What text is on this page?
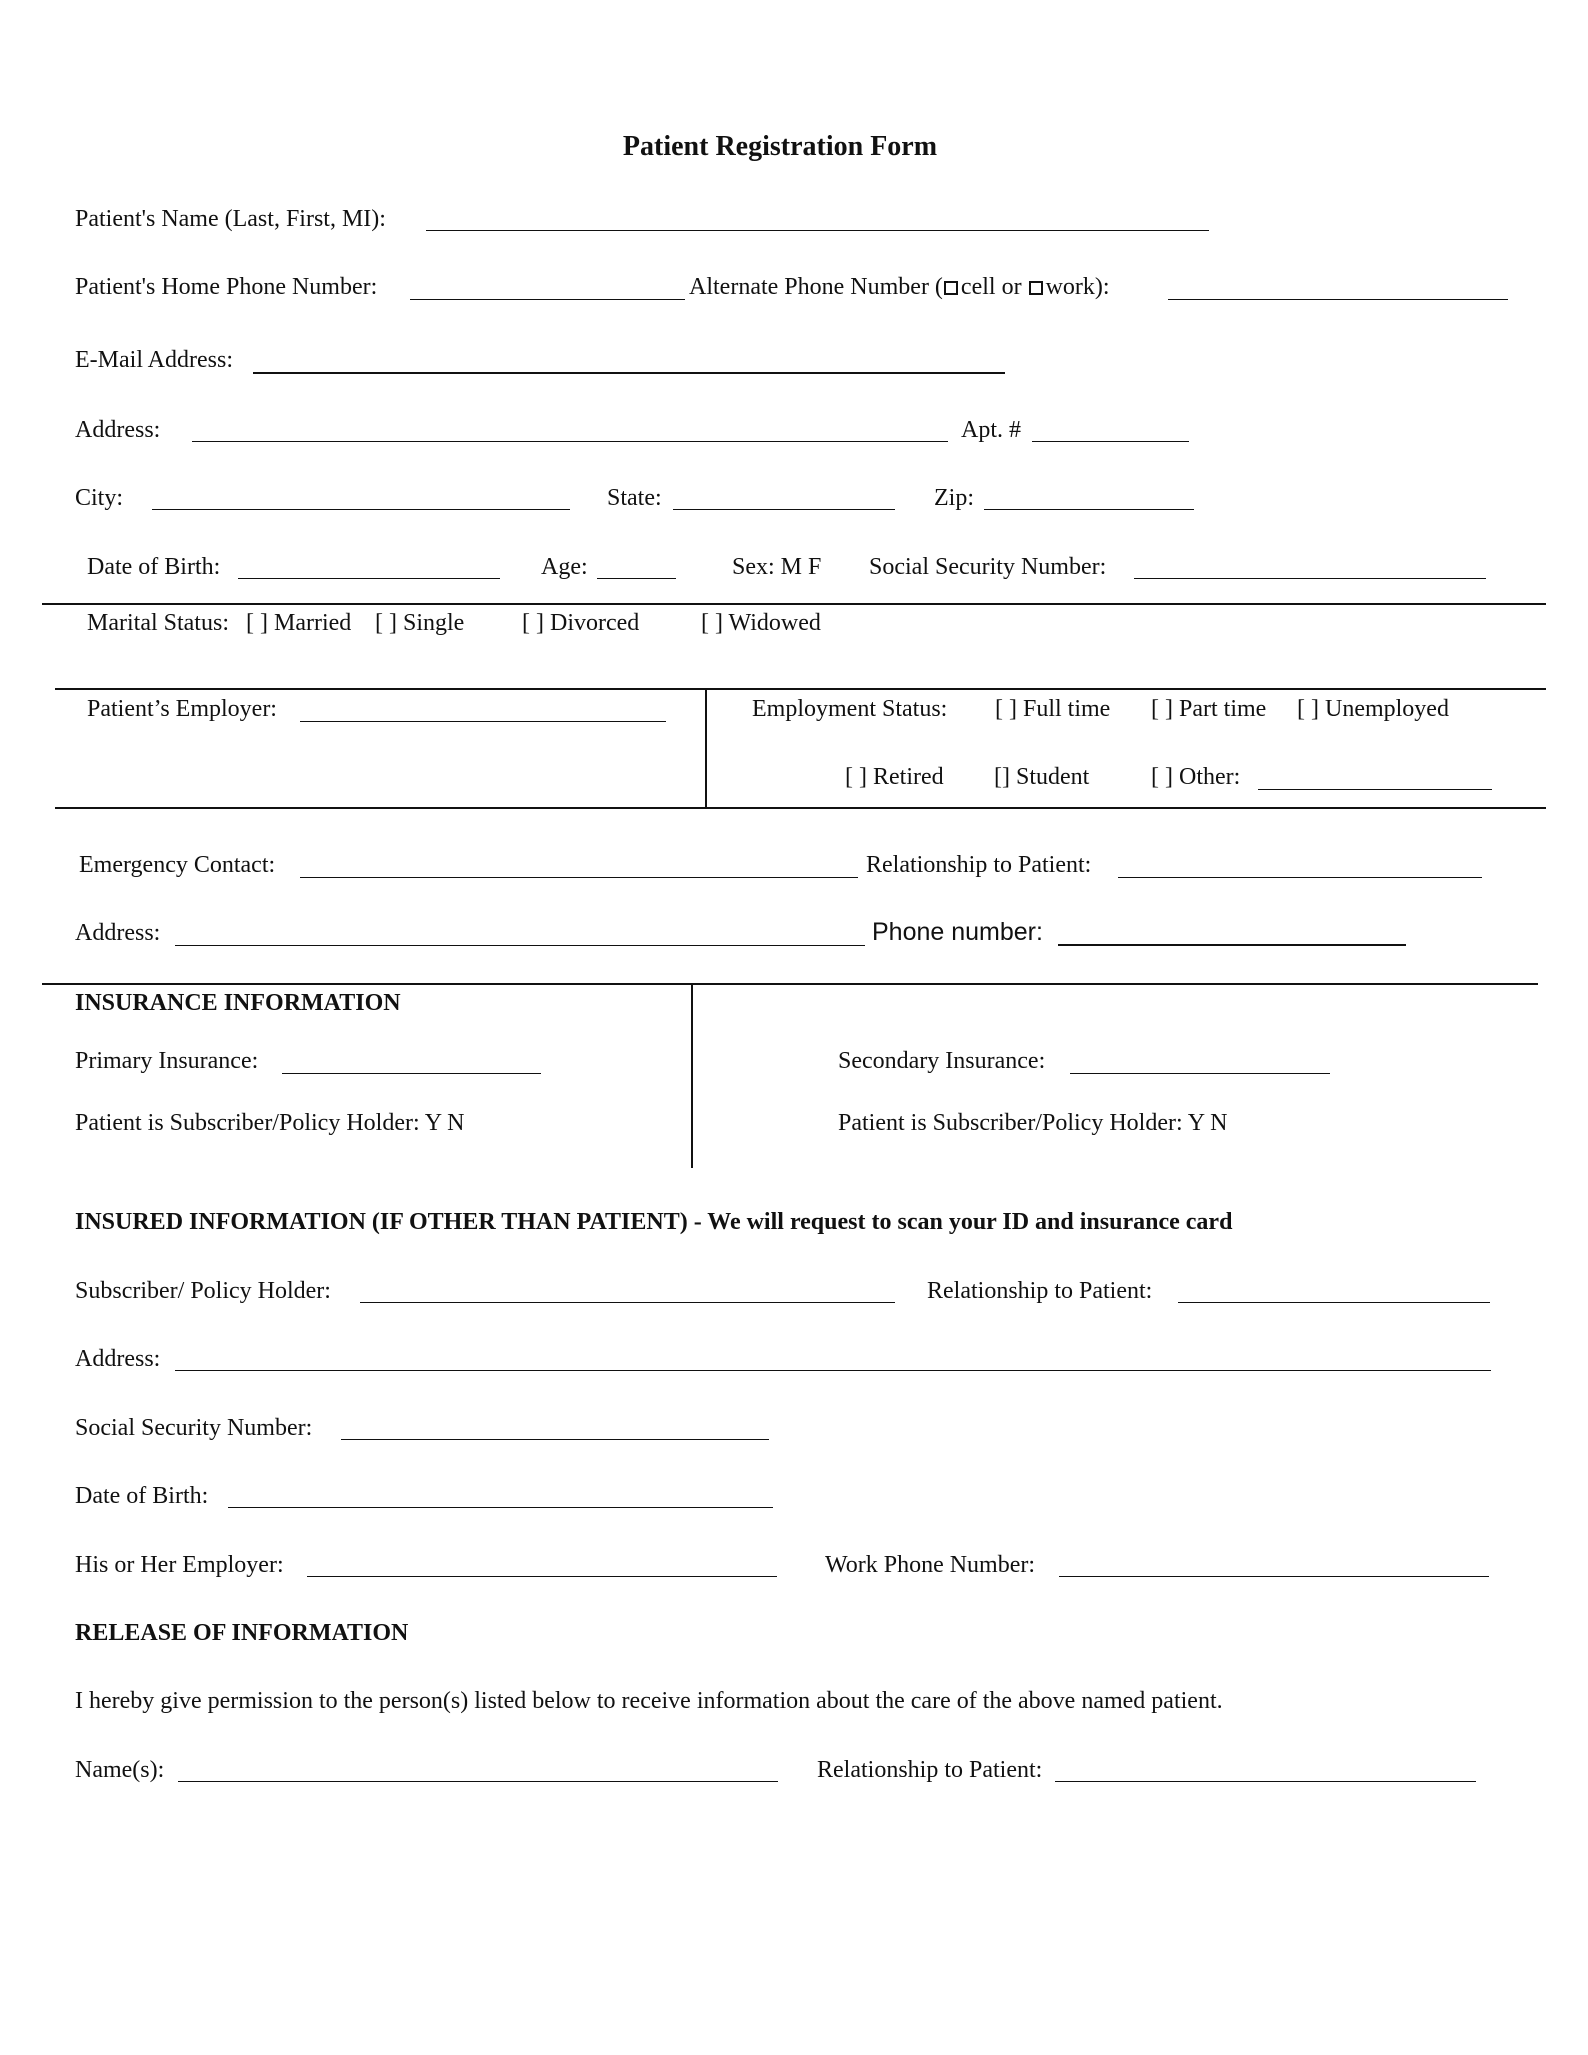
Patient Registration Form
Patient's Name (Last, First, MI):
Patient's Home Phone Number:	Alternate Phone Number ( cell or work):
E-Mail Address:
Address:	Apt. #
City:	State:	Zip:
Date of Birth:	Age:	Sex: M F Social Security Number:
Marital Status: [ ] Married [ ] Single [ ] Divorced	[ ] Widowed
Patient’s Employer:	Employment Status: [ ] Full time [ ] Part time [ ] Unemployed
[ ] Retired [] Student	[ ] Other:
Emergency Contact:	Relationship to Patient:
Address:	Phone number:
INSURANCE INFORMATION
Primary Insurance:	Secondary Insurance:
Patient is Subscriber/Policy Holder: Y N	Patient is Subscriber/Policy Holder: Y N
INSURED INFORMATION (IF OTHER THAN PATIENT) - We will request to scan your ID and insurance card
Subscriber/ Policy Holder:	Relationship to Patient:
Address:
Social Security Number:
Date of Birth:
His or Her Employer:	Work Phone Number:
RELEASE OF INFORMATION
I hereby give permission to the person(s) listed below to receive information about the care of the above named patient.
Name(s):	Relationship to Patient:
